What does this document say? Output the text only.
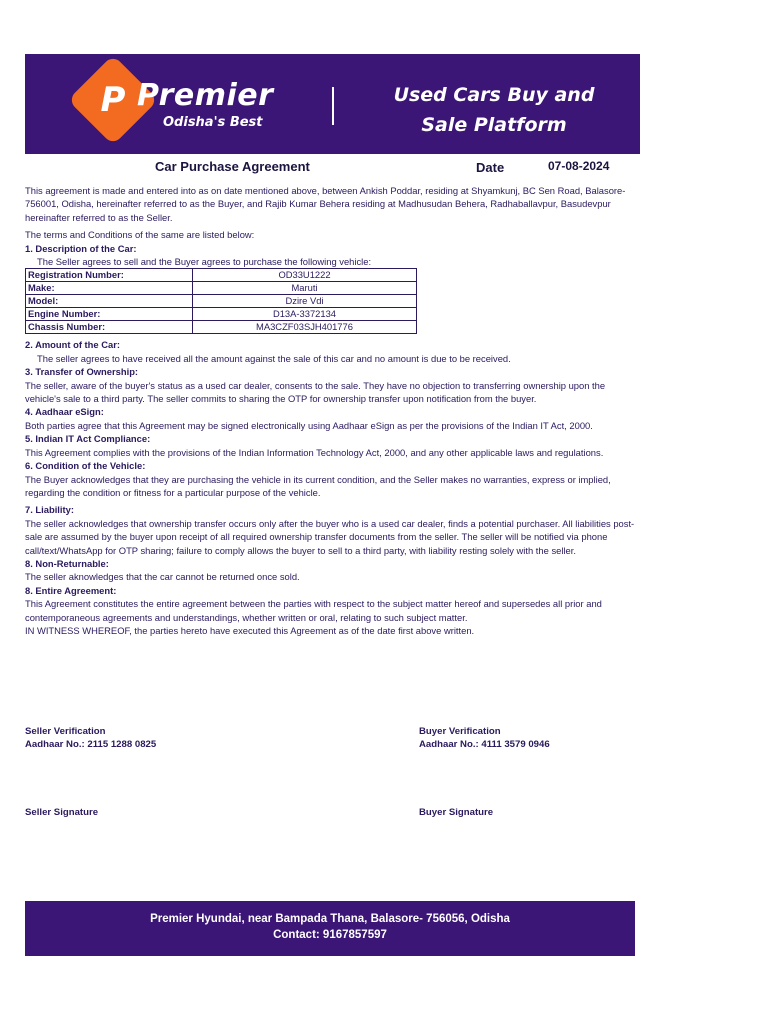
P Premier
Odisha's Best
Used Cars Buy and
Sale Platform
Car Purchase Agreement	Date	07-08-2024

This agreement is made and entered into as on date mentioned above, between Ankish Poddar, residing at Shyamkunj, BC Sen Road, Balasore- 756001, Odisha, hereinafter referred to as the Buyer, and Rajib Kumar Behera residing at Madhusudan Behera, Radhaballavpur, Basudevpur hereinafter referred to as the Seller.

The terms and Conditions of the same are listed below:

1. Description of the Car:

The Seller agrees to sell and the Buyer agrees to purchase the following vehicle:

Registration Number:	OD33U1222
Make:	Maruti
Model:	Dzire Vdi
Engine Number:	D13A-3372134
Chassis Number:	MA3CZF03SJH401776

2. Amount of the Car:

The seller agrees to have received all the amount against the sale of this car and no amount is due to be received.

3. Transfer of Ownership:

The seller, aware of the buyer's status as a used car dealer, consents to the sale. They have no objection to transferring ownership upon the vehicle's sale to a third party. The seller commits to sharing the OTP for ownership transfer upon notification from the buyer.

4. Aadhaar eSign:

Both parties agree that this Agreement may be signed electronically using Aadhaar eSign as per the provisions of the Indian IT Act, 2000.

5. Indian IT Act Compliance:

This Agreement complies with the provisions of the Indian Information Technology Act, 2000, and any other applicable laws and regulations.

6. Condition of the Vehicle:

The Buyer acknowledges that they are purchasing the vehicle in its current condition, and the Seller makes no warranties, express or implied, regarding the condition or fitness for a particular purpose of the vehicle.

7. Liability:

The seller acknowledges that ownership transfer occurs only after the buyer who is a used car dealer, finds a potential purchaser. All liabilities post-sale are assumed by the buyer upon receipt of all required ownership transfer documents from the seller. The seller will be notified via phone call/text/WhatsApp for OTP sharing; failure to comply allows the buyer to sell to a third party, with liability resting solely with the seller.

8. Non-Returnable:

The seller aknowledges that the car cannot be returned once sold.

8. Entire Agreement:

This Agreement constitutes the entire agreement between the parties with respect to the subject matter hereof and supersedes all prior and contemporaneous agreements and understandings, whether written or oral, relating to such subject matter.

IN WITNESS WHEREOF, the parties hereto have executed this Agreement as of the date first above written.

Seller Verification
Aadhaar No.: 2115 1288 0825
Buyer Verification
Aadhaar No.: 4111 3579 0946
Seller Signature	Buyer Signature
Premier Hyundai, near Bampada Thana, Balasore- 756056, Odisha
Contact: 9167857597
